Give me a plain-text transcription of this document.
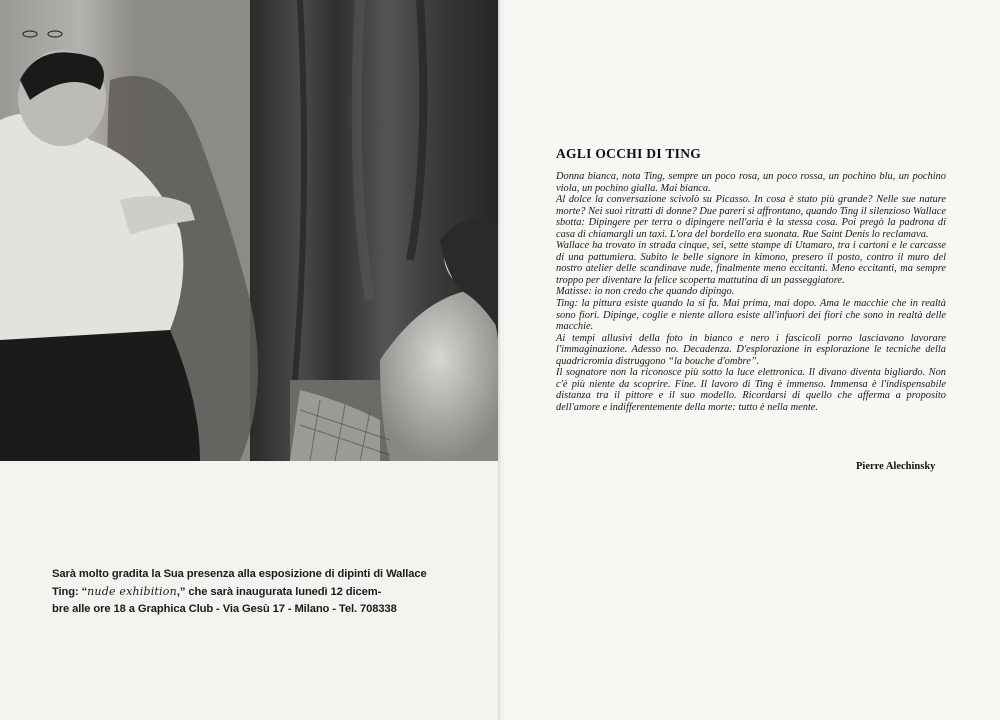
Sarà molto gradita la Sua presenza alla esposizione di dipinti di Wallace
Ting: “nude exhibition,” che sarà inaugurata lunedì 12 dicem-
bre alle ore 18 a Graphica Club - Via Gesù 17 - Milano - Tel. 708338
AGLI OCCHI DI TING

Donna bianca, nota Ting, sempre un poco rosa, un poco rossa, un pochino blu, un pochino viola, un pochino gialla. Mai bianca.

Al dolce la conversazione scivolò su Picasso. In cosa è stato più grande? Nelle sue nature morte? Nei suoi ritratti di donne? Due pareri si affrontano, quando Ting il silenzioso Wallace sbotta: Dipingere per terra o dipingere nell'aria è la stessa cosa. Poi pregò la padrona di casa di chiamargli un taxi. L'ora del bordello era suonata. Rue Saint Denis lo reclamava.

Wallace ha trovato in strada cinque, sei, sette stampe di Utamaro, tra i cartoni e le carcasse di una pattumiera. Subito le belle signore in kimono, presero il posto, contro il muro del nostro atelier delle scandinave nude, finalmente meno eccitanti. Meno eccitanti, ma sempre troppo per diventare la felice scoperta mattutina di un passeggiatore.

Matisse: io non credo che quando dipingo.

Ting: la pittura esiste quando la si fa. Mai prima, mai dopo. Ama le macchie che in realtà sono fiori. Dipinge, coglie e niente allora esiste all'infuori dei fiori che sono in realtà delle macchie.

Ai tempi allusivi della foto in bianco e nero i fascicoli porno lasciavano lavorare l'immaginazione. Adesso no. Decadenza. D'esplorazione in esplorazione le tecniche della quadricromia distruggono “la bouche d'ombre”.

Il sognatore non la riconosce più sotto la luce elettronica. Il divano diventa bigliardo. Non c'è più niente da scoprire. Fine. Il lavoro di Ting è immenso. Immensa è l'indispensabile distanza tra il pittore e il suo modello. Ricordarsi di quello che afferma a proposito dell'amore e indifferentemente della morte: tutto è nella mente.

Pierre Alechinsky
